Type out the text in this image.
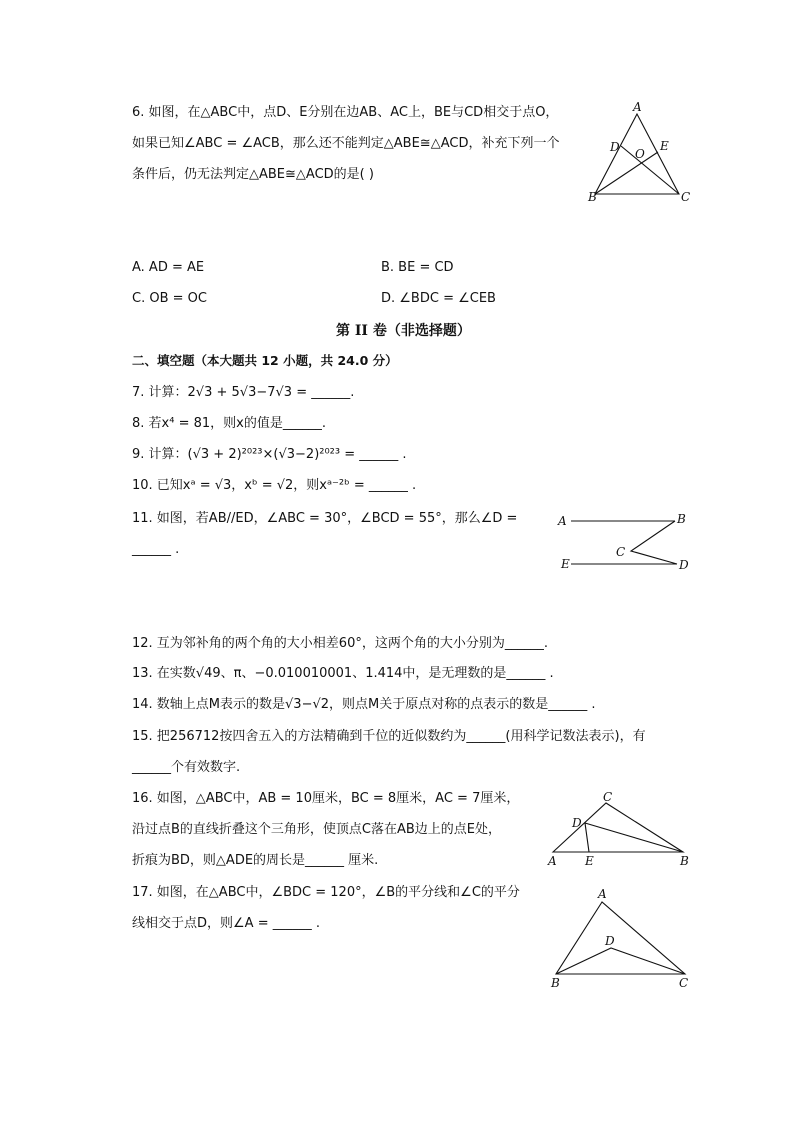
6. 如图，在△ABC中，点D、E分别在边AB、AC上，BE与CD相交于点O，
如果已知∠ABC = ∠ACB，那么还不能判定△ABE≅△ACD，补充下列一个
条件后，仍无法判定△ABE≅△ACD的是( )
A
B	C
D	E
O
A. AD = AE	B. BE = CD
C. OB = OC	D. ∠BDC = ∠CEB
第 II 卷（非选择题）
二、填空题（本大题共 12 小题，共 24.0 分）
7. 计算：2√3 + 5√3−7√3 = ______.
8. 若x⁴ = 81，则x的值是______.
9. 计算：(√3 + 2)²⁰²³×(√3−2)²⁰²³ = ______ .
10. 已知xᵃ = √3，xᵇ = √2，则xᵃ⁻²ᵇ = ______ .
11. 如图，若AB//ED，∠ABC = 30°，∠BCD = 55°，那么∠D =
______ .
A	B
C
D
E
12. 互为邻补角的两个角的大小相差60°，这两个角的大小分别为______.
13. 在实数√49、π、−0.010010001、1.414中，是无理数的是______ .
14. 数轴上点M表示的数是√3−√2，则点M关于原点对称的点表示的数是______ .
15. 把256712按四舍五入的方法精确到千位的近似数约为______(用科学记数法表示)，有
______个有效数字.
16. 如图，△ABC中，AB = 10厘米，BC = 8厘米，AC = 7厘米，
沿过点B的直线折叠这个三角形，使顶点C落在AB边上的点E处，
折痕为BD，则△ADE的周长是______ 厘米.	A	B
C
D
E
17. 如图，在△ABC中，∠BDC = 120°，∠B的平分线和∠C的平分
线相交于点D，则∠A = ______ .
A
B	C
D
